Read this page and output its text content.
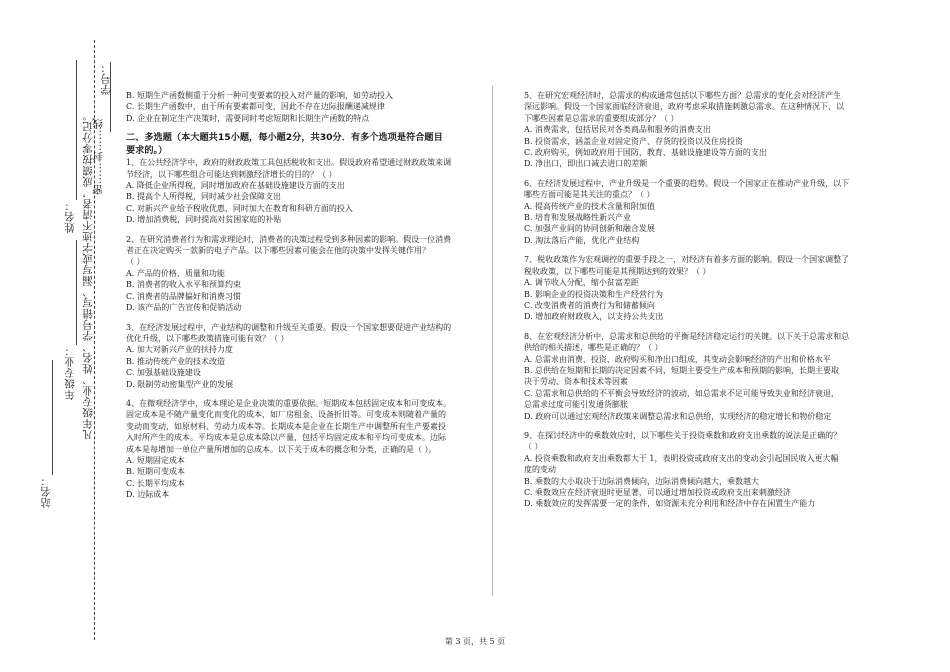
学号：
凡年级专业、姓名、学号错写、漏写或字迹不清者，成绩按零分记。
密……封……线
姓名：
年级专业：
站名：
B. 短期生产函数侧重于分析一种可变要素的投入对产量的影响，如劳动投入
C. 长期生产函数中，由于所有要素都可变，因此不存在边际报酬递减规律
D. 企业在制定生产决策时，需要同时考虑短期和长期生产函数的特点
二、多选题（本大题共15小题，每小题2分，共30分．有多个选项是符合题目
要求的。）
1、在公共经济学中，政府的财政政策工具包括税收和支出。假设政府希望通过财政政策来调
节经济，以下哪些组合可能达到刺激经济增长的目的？（ ）
A. 降低企业所得税，同时增加政府在基础设施建设方面的支出
B. 提高个人所得税，同时减少社会保障支出
C. 对新兴产业给予税收优惠，同时加大在教育和科研方面的投入
D. 增加消费税，同时提高对贫困家庭的补贴
2、在研究消费者行为和需求理论时，消费者的决策过程受到多种因素的影响。假设一位消费
者正在决定购买一款新的电子产品。以下哪些因素可能会在他的决策中发挥关键作用？
（ ）
A. 产品的价格、质量和功能
B. 消费者的收入水平和预算约束
C. 消费者的品牌偏好和消费习惯
D. 该产品的广告宣传和促销活动
3、在经济发展过程中，产业结构的调整和升级至关重要。假设一个国家想要促进产业结构的
优化升级，以下哪些政策措施可能有效？（ ）
A. 加大对新兴产业的扶持力度
B. 推动传统产业的技术改造
C. 加强基础设施建设
D. 限制劳动密集型产业的发展
4、在微观经济学中，成本理论是企业决策的重要依据。短期成本包括固定成本和可变成本。
固定成本是不随产量变化而变化的成本，如厂房租金、设备折旧等。可变成本则随着产量的
变动而变动，如原材料、劳动力成本等。长期成本是企业在长期生产中调整所有生产要素投
入时所产生的成本。平均成本是总成本除以产量，包括平均固定成本和平均可变成本。边际
成本是每增加一单位产量所增加的总成本。以下关于成本的概念和分类，正确的是（ ）。
A. 短期固定成本
B. 短期可变成本
C. 长期平均成本
D. 边际成本
5、在研究宏观经济时，总需求的构成通常包括以下哪些方面？总需求的变化会对经济产生
深远影响。假设一个国家面临经济衰退，政府考虑采取措施刺激总需求。在这种情况下，以
下哪些因素是总需求的重要组成部分？（ ）
A. 消费需求，包括居民对各类商品和服务的消费支出
B. 投资需求，涵盖企业对固定资产、存货的投资以及住房投资
C. 政府购买，例如政府用于国防、教育、基础设施建设等方面的支出
D. 净出口，即出口减去进口的差额
6、在经济发展过程中，产业升级是一个重要的趋势。假设一个国家正在推动产业升级，以下
哪些方面可能是其关注的重点？（ ）
A. 提高传统产业的技术含量和附加值
B. 培育和发展战略性新兴产业
C. 加强产业间的协同创新和融合发展
D. 淘汰落后产能，优化产业结构
7、税收政策作为宏观调控的重要手段之一，对经济有着多方面的影响。假设一个国家调整了
税收政策，以下哪些可能是其预期达到的效果？（ ）
A. 调节收入分配，缩小贫富差距
B. 影响企业的投资决策和生产经营行为
C. 改变消费者的消费行为和储蓄倾向
D. 增加政府财政收入，以支持公共支出
8、在宏观经济分析中，总需求和总供给的平衡是经济稳定运行的关键。以下关于总需求和总
供给的相关描述，哪些是正确的？（ ）
A. 总需求由消费、投资、政府购买和净出口组成，其变动会影响经济的产出和价格水平
B. 总供给在短期和长期的决定因素不同，短期主要受生产成本和预期的影响，长期主要取
决于劳动、资本和技术等因素
C. 总需求和总供给的不平衡会导致经济的波动，如总需求不足可能导致失业和经济衰退，
总需求过度可能引发通货膨胀
D. 政府可以通过宏观经济政策来调整总需求和总供给，实现经济的稳定增长和物价稳定
9、在探讨经济中的乘数效应时，以下哪些关于投资乘数和政府支出乘数的说法是正确的？
（ ）
A. 投资乘数和政府支出乘数都大于 1，表明投资或政府支出的变动会引起国民收入更大幅
度的变动
B. 乘数的大小取决于边际消费倾向，边际消费倾向越大，乘数越大
C. 乘数效应在经济衰退时更显著，可以通过增加投资或政府支出来刺激经济
D. 乘数效应的发挥需要一定的条件，如资源未充分利用和经济中存在闲置生产能力
第 3 页，共 5 页
